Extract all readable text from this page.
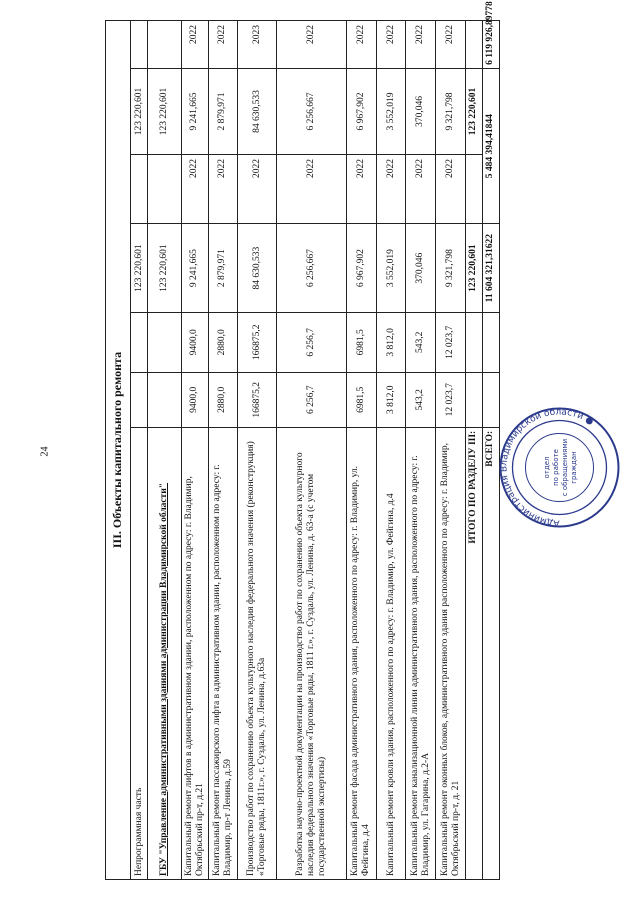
24	III. Объекты капитального ремонта						
Непрограммная часть			123 220,601		123 220,601	
ГБУ "Управление административными зданиями администрации Владимирской области"			123 220,601		123 220,601	
Капитальный ремонт лифтов в административном здании, расположенном по адресу: г. Владимир, Октябрьский пр-т, д.21	9400,0	9400,0	9 241,665	2022	9 241,665	2022
Капитальный ремонт пассажирского лифта в административном здании, расположенном по адресу: г. Владимир, пр-т Ленина, д.59	2880,0	2880,0	2 879,971	2022	2 879,971	2022
Производство работ по сохранению объекта культурного наследия федерального значения (реконструкция) «Торговые ряды, 1811г.», г. Суздаль, ул. Ленина, д.63а	166875,2	166875,2	84 630,533	2022	84 630,533	2023
Разработка научно-проектной документации на производство работ по сохранению объекта культурного наследия федерального значения «Торговые ряды, 1811 г.», г. Суздаль, ул. Ленина, д. 63-а (с учетом государственной экспертизы)	6 256,7	6 256,7	6 256,667	2022	6 256,667	2022
Капитальный ремонт фасада административного здания, расположенного по адресу: г. Владимир, ул. Фейгина, д.4	6981,5	6981,5	6 967,902	2022	6 967,902	2022
Капитальный ремонт кровли здания, расположенного по адресу: г. Владимир, ул. Фейгина, д.4	3 812,0	3 812,0	3 552,019	2022	3 552,019	2022
Капитальный ремонт канализационной линии административного здания, расположенного по адресу: г. Владимир, ул. Гагарина, д.2-А	543,2	543,2	370,046	2022	370,046	2022
Капитальный ремонт оконных блоков, административного здания расположенного по адресу: г. Владимир, Октябрьский пр-т, д. 21	12 023,7	12 023,7	9 321,798	2022	9 321,798	2022
ИТОГО ПО РАЗДЕЛУ III:			123 220,601		123 220,601	
ВСЕГО:			11 604 321,31622	5 484 394,41844		6 119 926,89778
Администрация Владимирской области ●
отдел по работе с обращениями граждан
